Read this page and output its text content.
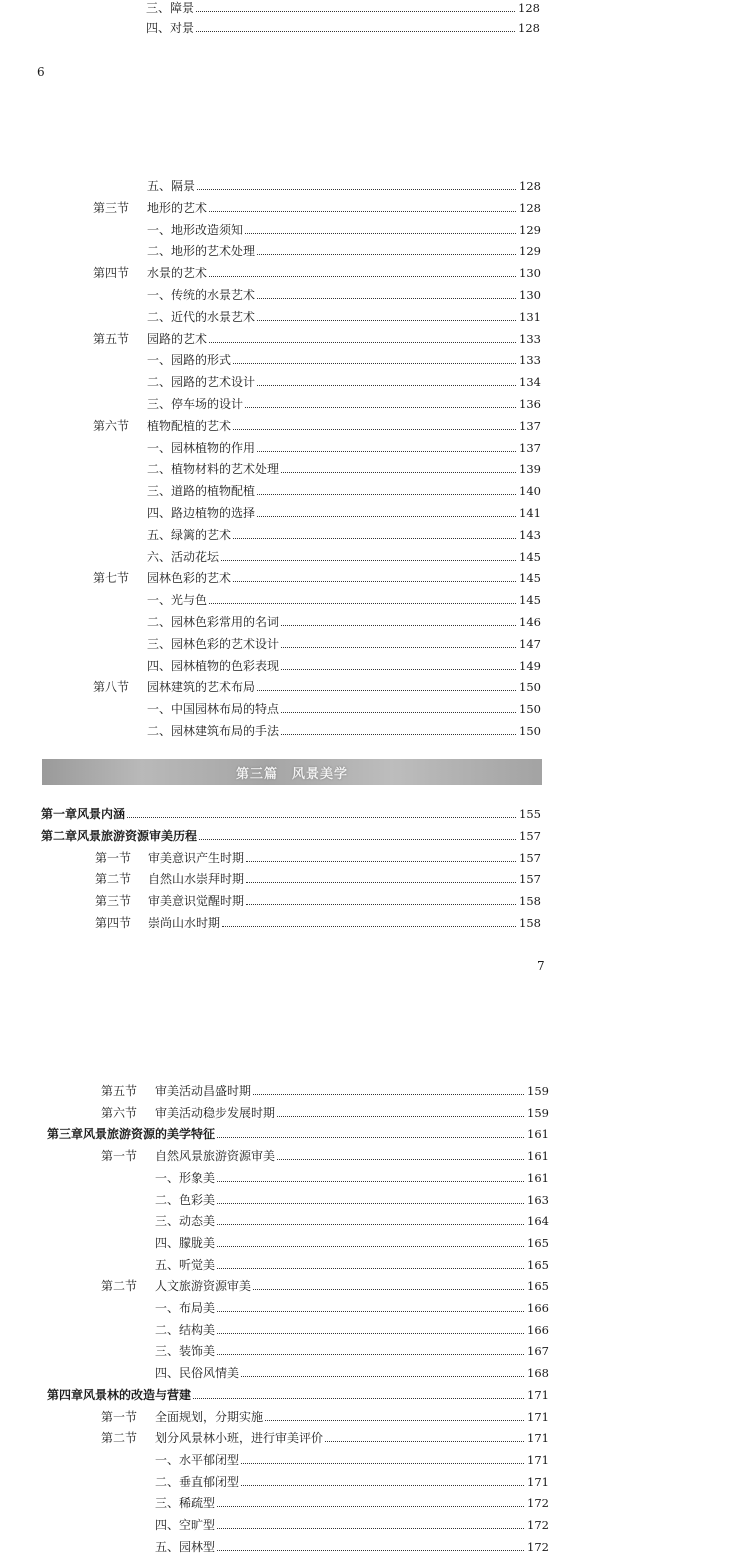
三、障景	128
四、对景	128
6
五、隔景	128
第三节 地形的艺术	128
一、地形改造须知	129
二、地形的艺术处理	129
第四节 水景的艺术	130
一、传统的水景艺术	130
二、近代的水景艺术	131
第五节 园路的艺术	133
一、园路的形式	133
二、园路的艺术设计	134
三、停车场的设计	136
第六节 植物配植的艺术	137
一、园林植物的作用	137
二、植物材料的艺术处理	139
三、道路的植物配植	140
四、路边植物的选择	141
五、绿篱的艺术	143
六、活动花坛	145
第七节 园林色彩的艺术	145
一、光与色	145
二、园林色彩常用的名词	146
三、园林色彩的艺术设计	147
四、园林植物的色彩表现	149
第八节 园林建筑的艺术布局	150
一、中国园林布局的特点	150
二、园林建筑布局的手法	150
第一章风景内涵	155
第二章风景旅游资源审美历程	157
第一节 审美意识产生时期	157
第二节 自然山水崇拜时期	157
第三节 审美意识觉醒时期	158
第四节 崇尚山水时期	158
第三篇　风景美学
7
第五节 审美活动昌盛时期	159
第六节 审美活动稳步发展时期	159
第三章风景旅游资源的美学特征	161
第一节 自然风景旅游资源审美	161
一、形象美	161
二、色彩美	163
三、动态美	164
四、朦胧美	165
五、听觉美	165
第二节 人文旅游资源审美	165
一、布局美	166
二、结构美	166
三、装饰美	167
四、民俗风情美	168
第四章风景林的改造与营建	171
第一节 全面规划，分期实施	171
第二节 划分风景林小班，进行审美评价	171
一、水平郁闭型	171
二、垂直郁闭型	171
三、稀疏型	172
四、空旷型	172
五、园林型	172
